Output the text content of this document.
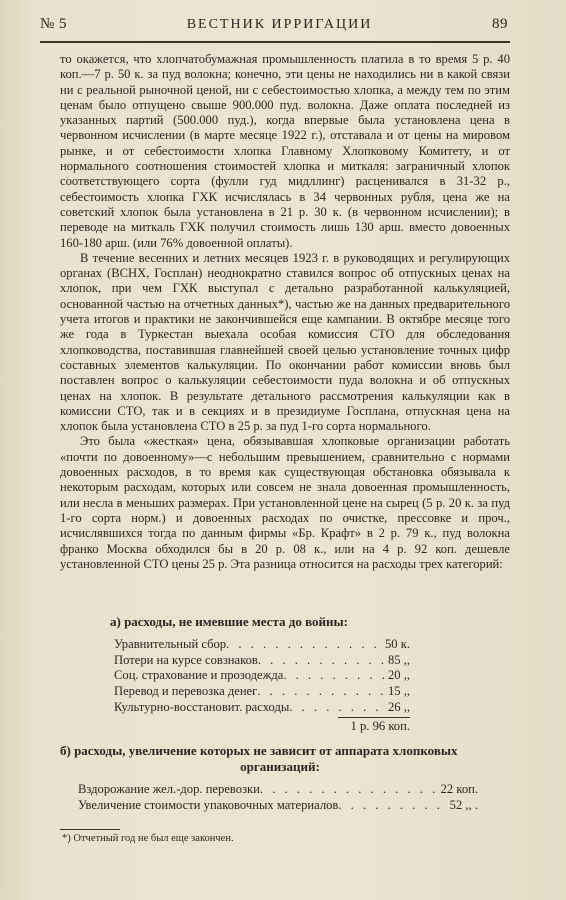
№ 5	ВЕСТНИК ИРРИГАЦИИ	89

то окажется, что хлопчатобумажная промышленность платила в то время 5 р. 40 коп.—7 р. 50 к. за пуд волокна; конечно, эти цены не находились ни в какой связи ни с реальной рыночной ценой, ни с себестоимостью хлопка, а между тем по этим ценам было отпущено свыше 900.000 пуд. волокна. Даже оплата последней из указанных партий (500.000 пуд.), когда впервые была установлена цена в червонном исчислении (в марте месяце 1922 г.), отставала и от цены на мировом рынке, и от себестоимости хлопка Главному Хлопковому Комитету, и от нормального соотношения стоимостей хлопка и миткаля: заграничный хлопок соответствующего сорта (фулли гуд мидллинг) расценивался в 31-32 р., себестоимость хлопка ГХК исчислялась в 34 червонных рубля, цена же на советский хлопок была установлена в 21 р. 30 к. (в червонном исчислении); в переводе на миткаль ГХК получил стоимость лишь 130 арш. вместо довоенных 160-180 арш. (или 76% довоенной оплаты).

В течение весенних и летних месяцев 1923 г. в руководящих и регулирующих органах (ВСНХ, Госплан) неоднократно ставился вопрос об отпускных ценах на хлопок, при чем ГХК выступал с детально разработанной калькуляцией, основанной частью на отчетных данных*), частью же на данных предварительного учета итогов и практики не закончившейся еще кампании. В октябре месяце того же года в Туркестан выехала особая комиссия СТО для обследования хлопководства, поставившая главнейшей своей целью установление точных цифр составных элементов калькуляции. По окончании работ комиссии вновь был поставлен вопрос о калькуляции себестоимости пуда волокна и об отпускных ценах на хлопок. В результате детального рассмотрения калькуляции как в комиссии СТО, так и в секциях и в президиуме Госплана, отпускная цена на хлопок была установлена СТО в 25 р. за пуд 1-го сорта нормального.

Это была «жесткая» цена, обязывавшая хлопковые организации работать «почти по довоенному»—с небольшим превышением, сравнительно с нормами довоенных расходов, в то время как существующая обстановка обязывала к некоторым расходам, которых или совсем не знала довоенная промышленность, или несла в меньших размерах. При установленной цене на сырец (5 р. 20 к. за пуд 1-го сорта норм.) и довоенных расходах по очистке, прессовке и проч., исчислявшихся тогда по данным фирмы «Бр. Крафт» в 2 р. 79 к., пуд волокна франко Москва обходился бы в 20 р. 08 к., или на 4 р. 92 коп. дешевле установленной СТО цены 25 р. Эта разница относится на расходы трех категорий:

а) расходы, не имевшие места до войны:
Уравнительный сбор . . .	50 к.
Потери на курсе совзнаков . . .	85 ,,
Соц. страхование и прозодежда . . .	20 ,,
Перевод и перевозка денег . . .	15 ,,
Культурно-восстановит. расходы . . .	26 ,,
1 р. 96 коп.
б) расходы, увеличение которых не зависит от аппарата хлопковых
организаций:
Вздорожание жел.-дор. перевозки . . .	22 коп.
Увеличение стоимости упаковочных материалов . . .	52 ,, .
*) Отчетный год не был еще закончен.
